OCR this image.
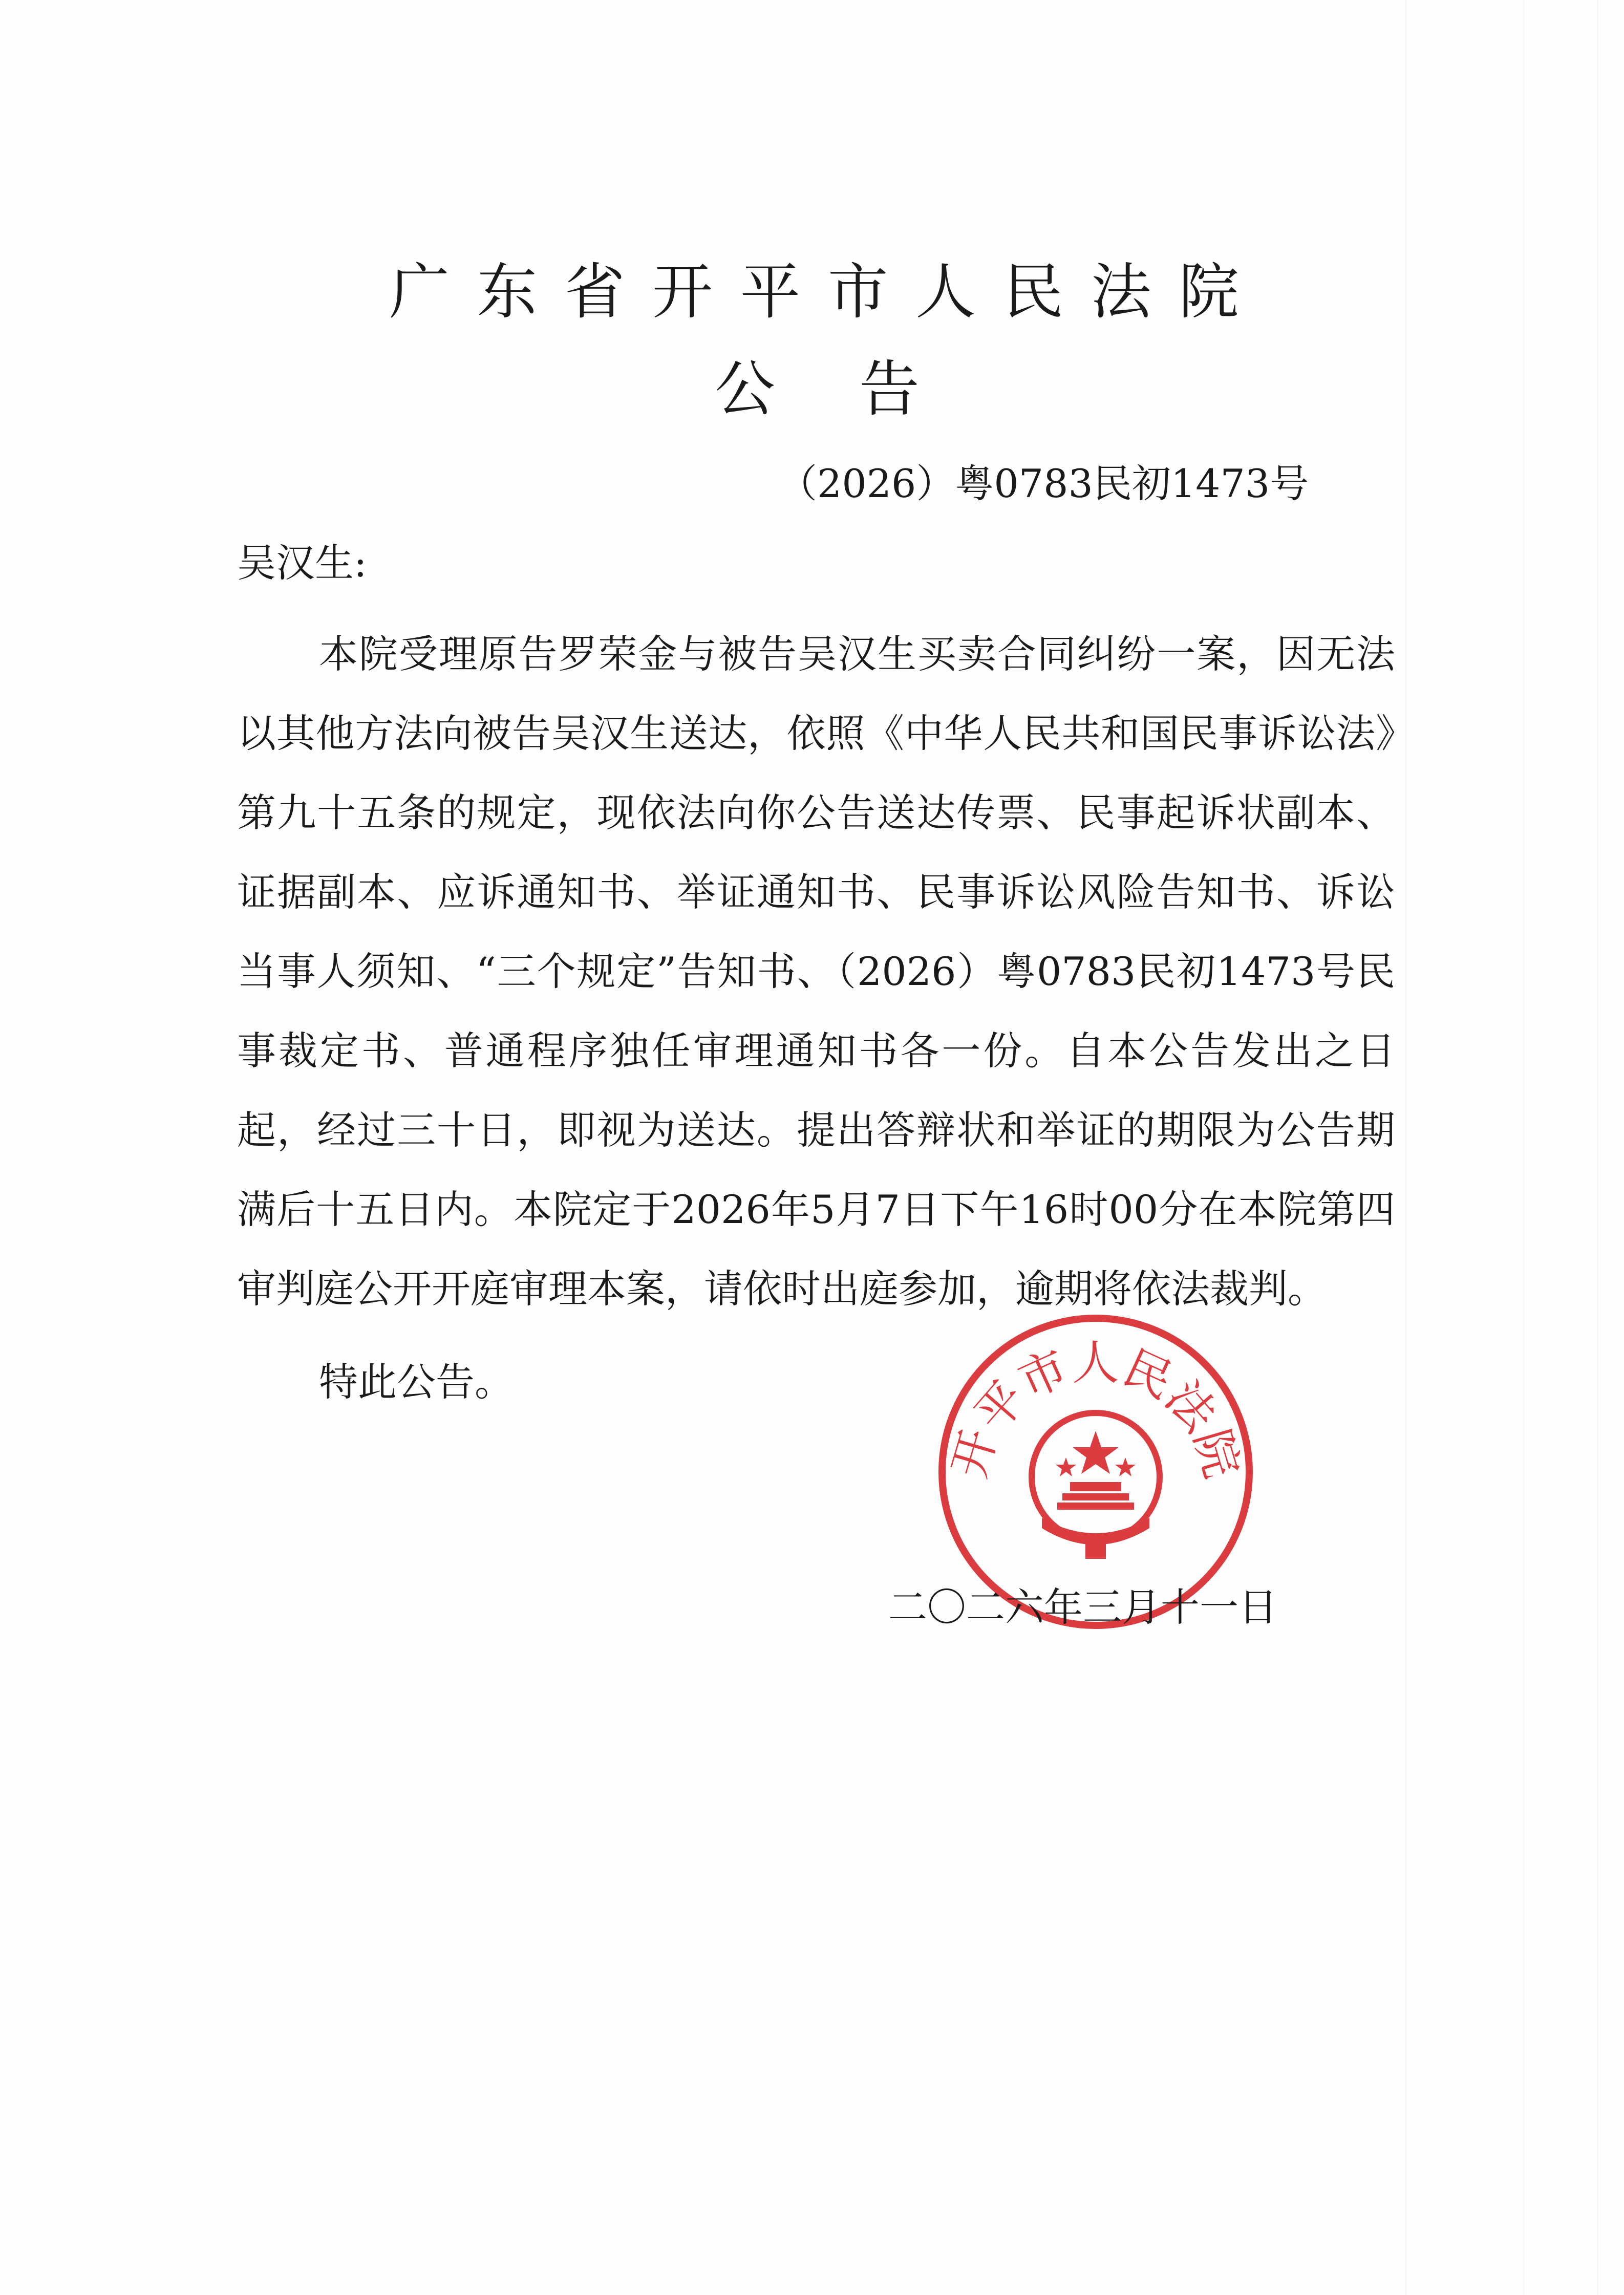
广东省开平市人民法院
公告
（2026）粤0783民初1473号
吴汉生:

本院受理原告罗荣金与被告吴汉生买卖合同纠纷一案，因无法以其他方法向被告吴汉生送达，依照《中华人民共和国民事诉讼法》第九十五条的规定，现依法向你公告送达传票、民事起诉状副本、证据副本、应诉通知书、举证通知书、民事诉讼风险告知书、诉讼当事人须知、“三个规定”告知书、（2026）粤0783民初1473号民事裁定书、普通程序独任审理通知书各一份。自本公告发出之日起，经过三十日，即视为送达。提出答辩状和举证的期限为公告期满后十五日内。本院定于2026年5月7日下午16时00分在本院第四审判庭公开开庭审理本案，请依时出庭参加，逾期将依法裁判。

特此公告。
开平市人民法院
二〇二六年三月十一日
